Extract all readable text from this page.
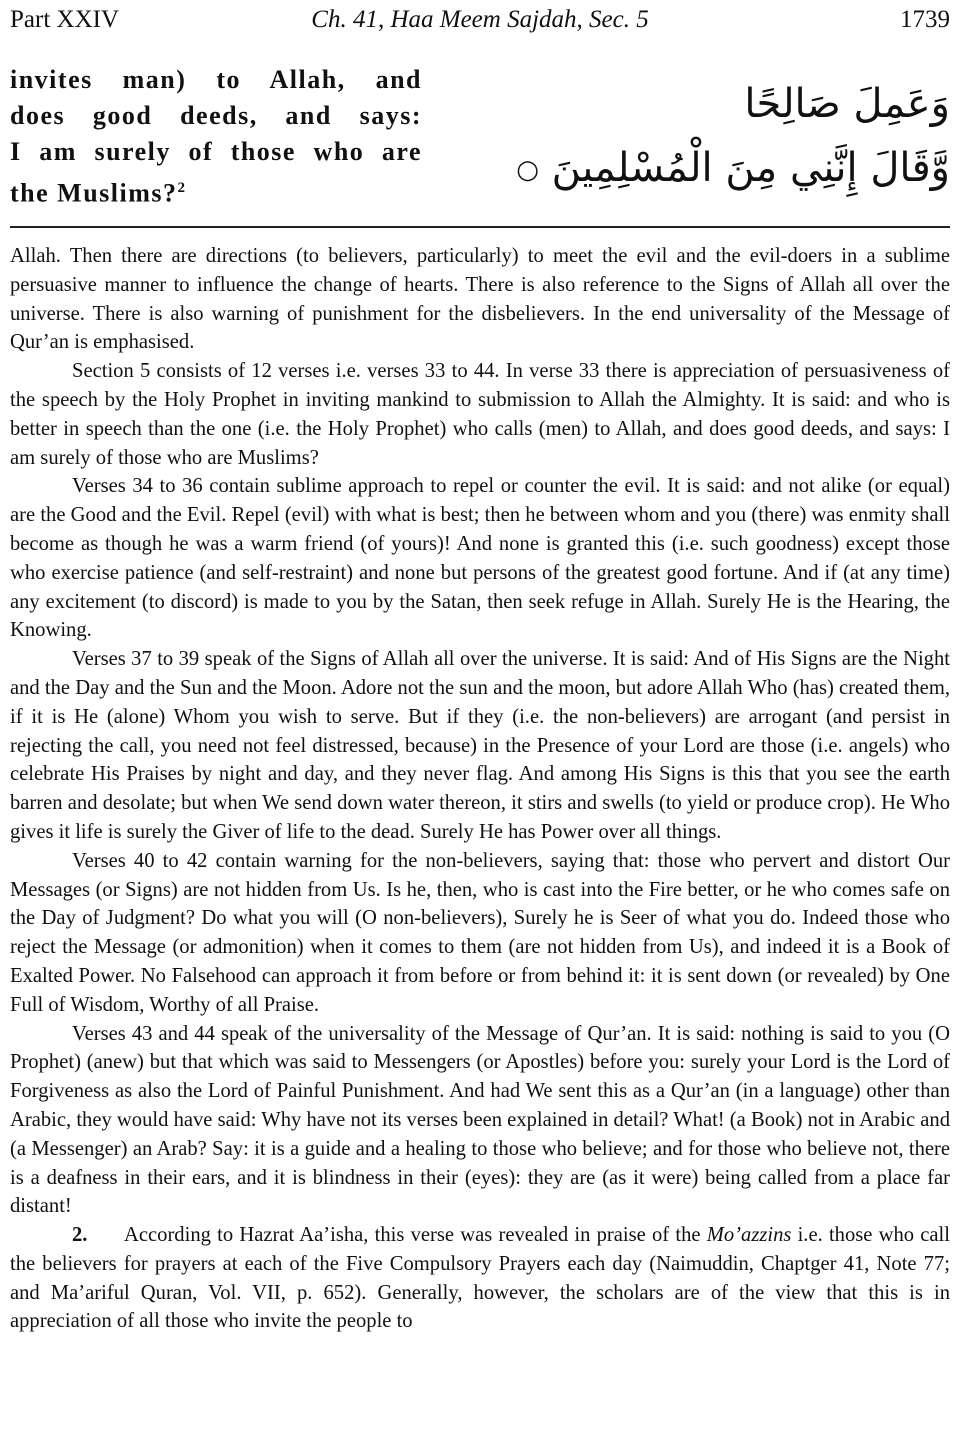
Part XXIV	Ch. 41, Haa Meem Sajdah, Sec. 5	1739
invites man) to Allah, and
does good deeds, and says:
I am surely of those who are
the Muslims?$^2$
وَعَمِلَ صَالِحًا
وَّقَالَ إِنَّنِي مِنَ الْمُسْلِمِينَ ○

Allah. Then there are directions (to believers, particularly) to meet the evil and the evil-doers in a sublime persuasive manner to influence the change of hearts. There is also reference to the Signs of Allah all over the universe. There is also warning of punishment for the disbelievers. In the end universality of the Message of Qur’an is emphasised.

Section 5 consists of 12 verses i.e. verses 33 to 44. In verse 33 there is appreciation of persuasiveness of the speech by the Holy Prophet in inviting mankind to submission to Allah the Almighty. It is said: and who is better in speech than the one (i.e. the Holy Prophet) who calls (men) to Allah, and does good deeds, and says: I am surely of those who are Muslims?

Verses 34 to 36 contain sublime approach to repel or counter the evil. It is said: and not alike (or equal) are the Good and the Evil. Repel (evil) with what is best; then he between whom and you (there) was enmity shall become as though he was a warm friend (of yours)! And none is granted this (i.e. such goodness) except those who exercise patience (and self-restraint) and none but persons of the greatest good fortune. And if (at any time) any excitement (to discord) is made to you by the Satan, then seek refuge in Allah. Surely He is the Hearing, the Knowing.

Verses 37 to 39 speak of the Signs of Allah all over the universe. It is said: And of His Signs are the Night and the Day and the Sun and the Moon. Adore not the sun and the moon, but adore Allah Who (has) created them, if it is He (alone) Whom you wish to serve. But if they (i.e. the non-believers) are arrogant (and persist in rejecting the call, you need not feel distressed, because) in the Presence of your Lord are those (i.e. angels) who celebrate His Praises by night and day, and they never flag. And among His Signs is this that you see the earth barren and desolate; but when We send down water thereon, it stirs and swells (to yield or produce crop). He Who gives it life is surely the Giver of life to the dead. Surely He has Power over all things.

Verses 40 to 42 contain warning for the non-believers, saying that: those who pervert and distort Our Messages (or Signs) are not hidden from Us. Is he, then, who is cast into the Fire better, or he who comes safe on the Day of Judgment? Do what you will (O non-believers), Surely he is Seer of what you do. Indeed those who reject the Message (or admonition) when it comes to them (are not hidden from Us), and indeed it is a Book of Exalted Power. No Falsehood can approach it from before or from behind it: it is sent down (or revealed) by One Full of Wisdom, Worthy of all Praise.

Verses 43 and 44 speak of the universality of the Message of Qur’an. It is said: nothing is said to you (O Prophet) (anew) but that which was said to Messengers (or Apostles) before you: surely your Lord is the Lord of Forgiveness as also the Lord of Painful Punishment. And had We sent this as a Qur’an (in a language) other than Arabic, they would have said: Why have not its verses been explained in detail? What! (a Book) not in Arabic and (a Messenger) an Arab? Say: it is a guide and a healing to those who believe; and for those who believe not, there is a deafness in their ears, and it is blindness in their (eyes): they are (as it were) being called from a place far distant!

2. According to Hazrat Aa’isha, this verse was revealed in praise of the Mo’azzins i.e. those who call the believers for prayers at each of the Five Compulsory Prayers each day (Naimuddin, Chaptger 41, Note 77; and Ma’ariful Quran, Vol. VII, p. 652). Generally, however, the scholars are of the view that this is in appreciation of all those who invite the people to
